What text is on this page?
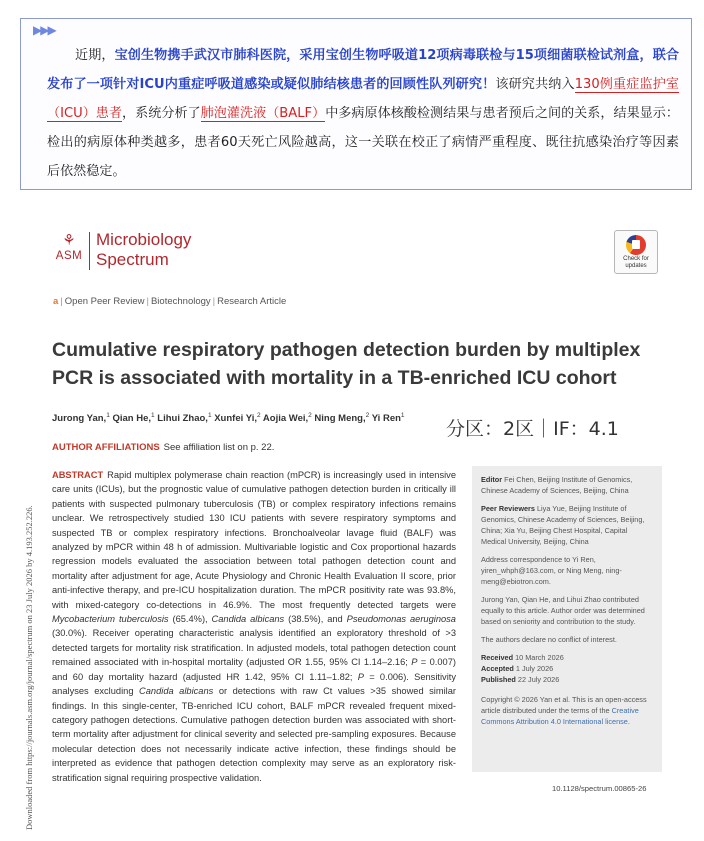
▶▶▶
近期，宝创生物携手武汉市肺科医院，采用宝创生物呼吸道12项病毒联检与15项细菌联检试剂盒，联合发布了一项针对ICU内重症呼吸道感染或疑似肺结核患者的回顾性队列研究！该研究共纳入130例重症监护室（ICU）患者，系统分析了肺泡灌洗液（BALF）中多病原体核酸检测结果与患者预后之间的关系，结果显示：检出的病原体种类越多，患者60天死亡风险越高，这一关联在校正了病情严重程度、既往抗感染治疗等因素后依然稳定。
⚘
ASM
Microbiology
Spectrum	Check for
updates
a | Open Peer Review | Biotechnology | Research Article
Cumulative respiratory pathogen detection burden by multiplex PCR is associated with mortality in a TB-enriched ICU cohort
Jurong Yan,$^1$ Qian He,$^1$ Lihui Zhao,$^1$ Xunfei Yi,$^2$ Aojia Wei,$^2$ Ning Meng,$^2$ Yi Ren$^1$
分区：2区｜IF：4.1
AUTHOR AFFILIATIONS See affiliation list on p. 22.
Downloaded from https://journals.asm.org/journal/spectrum on 23 July 2026 by 4.193.252.226.
ABSTRACT Rapid multiplex polymerase chain reaction (mPCR) is increasingly used in intensive care units (ICUs), but the prognostic value of cumulative pathogen detection burden in critically ill patients with suspected pulmonary tuberculosis (TB) or complex respiratory infections remains unclear. We retrospectively studied 130 ICU patients with severe respiratory symptoms and suspected TB or complex respiratory infections. Bronchoalveolar lavage fluid (BALF) was analyzed by mPCR within 48 h of admission. Multivariable logistic and Cox proportional hazards regression models evaluated the association between total pathogen detection count and mortality after adjustment for age, Acute Physiology and Chronic Health Evaluation II score, prior anti-infective therapy, and pre-ICU hospitalization duration. The mPCR positivity rate was 93.8%, with mixed-category co-detections in 46.9%. The most frequently detected targets were Mycobacterium tuberculosis (65.4%), Candida albicans (38.5%), and Pseudomonas aeruginosa (30.0%). Receiver operating characteristic analysis identified an exploratory threshold of >3 detected targets for mortality risk stratification. In adjusted models, total pathogen detection count remained associated with in-hospital mortality (adjusted OR 1.55, 95% CI 1.14–2.16; P = 0.007) and 60 day mortality hazard (adjusted HR 1.42, 95% CI 1.11–1.82; P = 0.006). Sensitivity analyses excluding Candida albicans or detections with raw Ct values >35 showed similar findings. In this single-center, TB-enriched ICU cohort, BALF mPCR revealed frequent mixed-category pathogen detections. Cumulative pathogen detection burden was associated with short-term mortality after adjustment for clinical severity and selected pre-sampling exposures. Because molecular detection does not necessarily indicate active infection, these findings should be interpreted as evidence that pathogen detection complexity may serve as an exploratory risk-stratification signal requiring prospective validation.

Editor Fei Chen, Beijing Institute of Genomics, Chinese Academy of Sciences, Beijing, China

Peer Reviewers Liya Yue, Beijing Institute of Genomics, Chinese Academy of Sciences, Beijing, China; Xia Yu, Beijing Chest Hospital, Capital Medical University, Beijing, China

Address correspondence to Yi Ren, yiren_whph@163.com, or Ning Meng, ning-meng@ebiotron.com.

Jurong Yan, Qian He, and Lihui Zhao contributed equally to this article. Author order was determined based on seniority and contribution to the study.

The authors declare no conflict of interest.

Received 10 March 2026
Accepted 1 July 2026
Published 22 July 2026

Copyright © 2026 Yan et al. This is an open-access article distributed under the terms of the Creative Commons Attribution 4.0 International license.

10.1128/spectrum.00865-26
